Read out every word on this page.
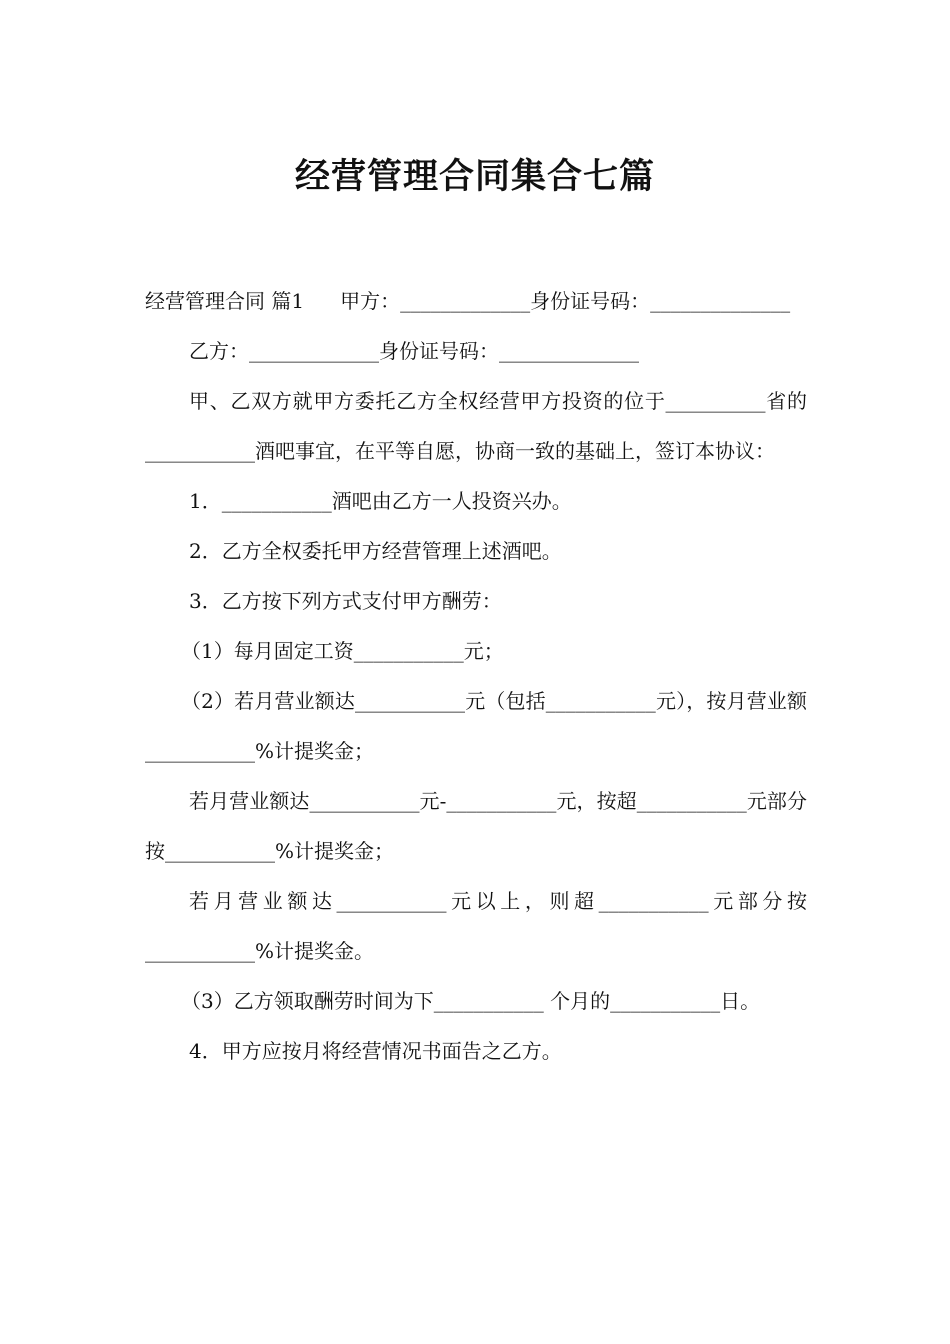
经营管理合同集合七篇

经营管理合同 篇1 甲方：_____________身份证号码：______________

乙方：_____________身份证号码：______________

甲、乙双方就甲方委托乙方全权经营甲方投资的位于__________省的___________酒吧事宜，在平等自愿，协商一致的基础上，签订本协议：

1．___________酒吧由乙方一人投资兴办。

2．乙方全权委托甲方经营管理上述酒吧。

3．乙方按下列方式支付甲方酬劳：

（1）每月固定工资___________元；

（2）若月营业额达___________元（包括___________元），按月营业额___________%计提奖金；

若月营业额达___________元-___________元，按超___________元部分按___________%计提奖金；

若月营业额达___________元以上，则超___________元部分按___________%计提奖金。

（3）乙方领取酬劳时间为下___________ 个月的___________日。

4．甲方应按月将经营情况书面告之乙方。
